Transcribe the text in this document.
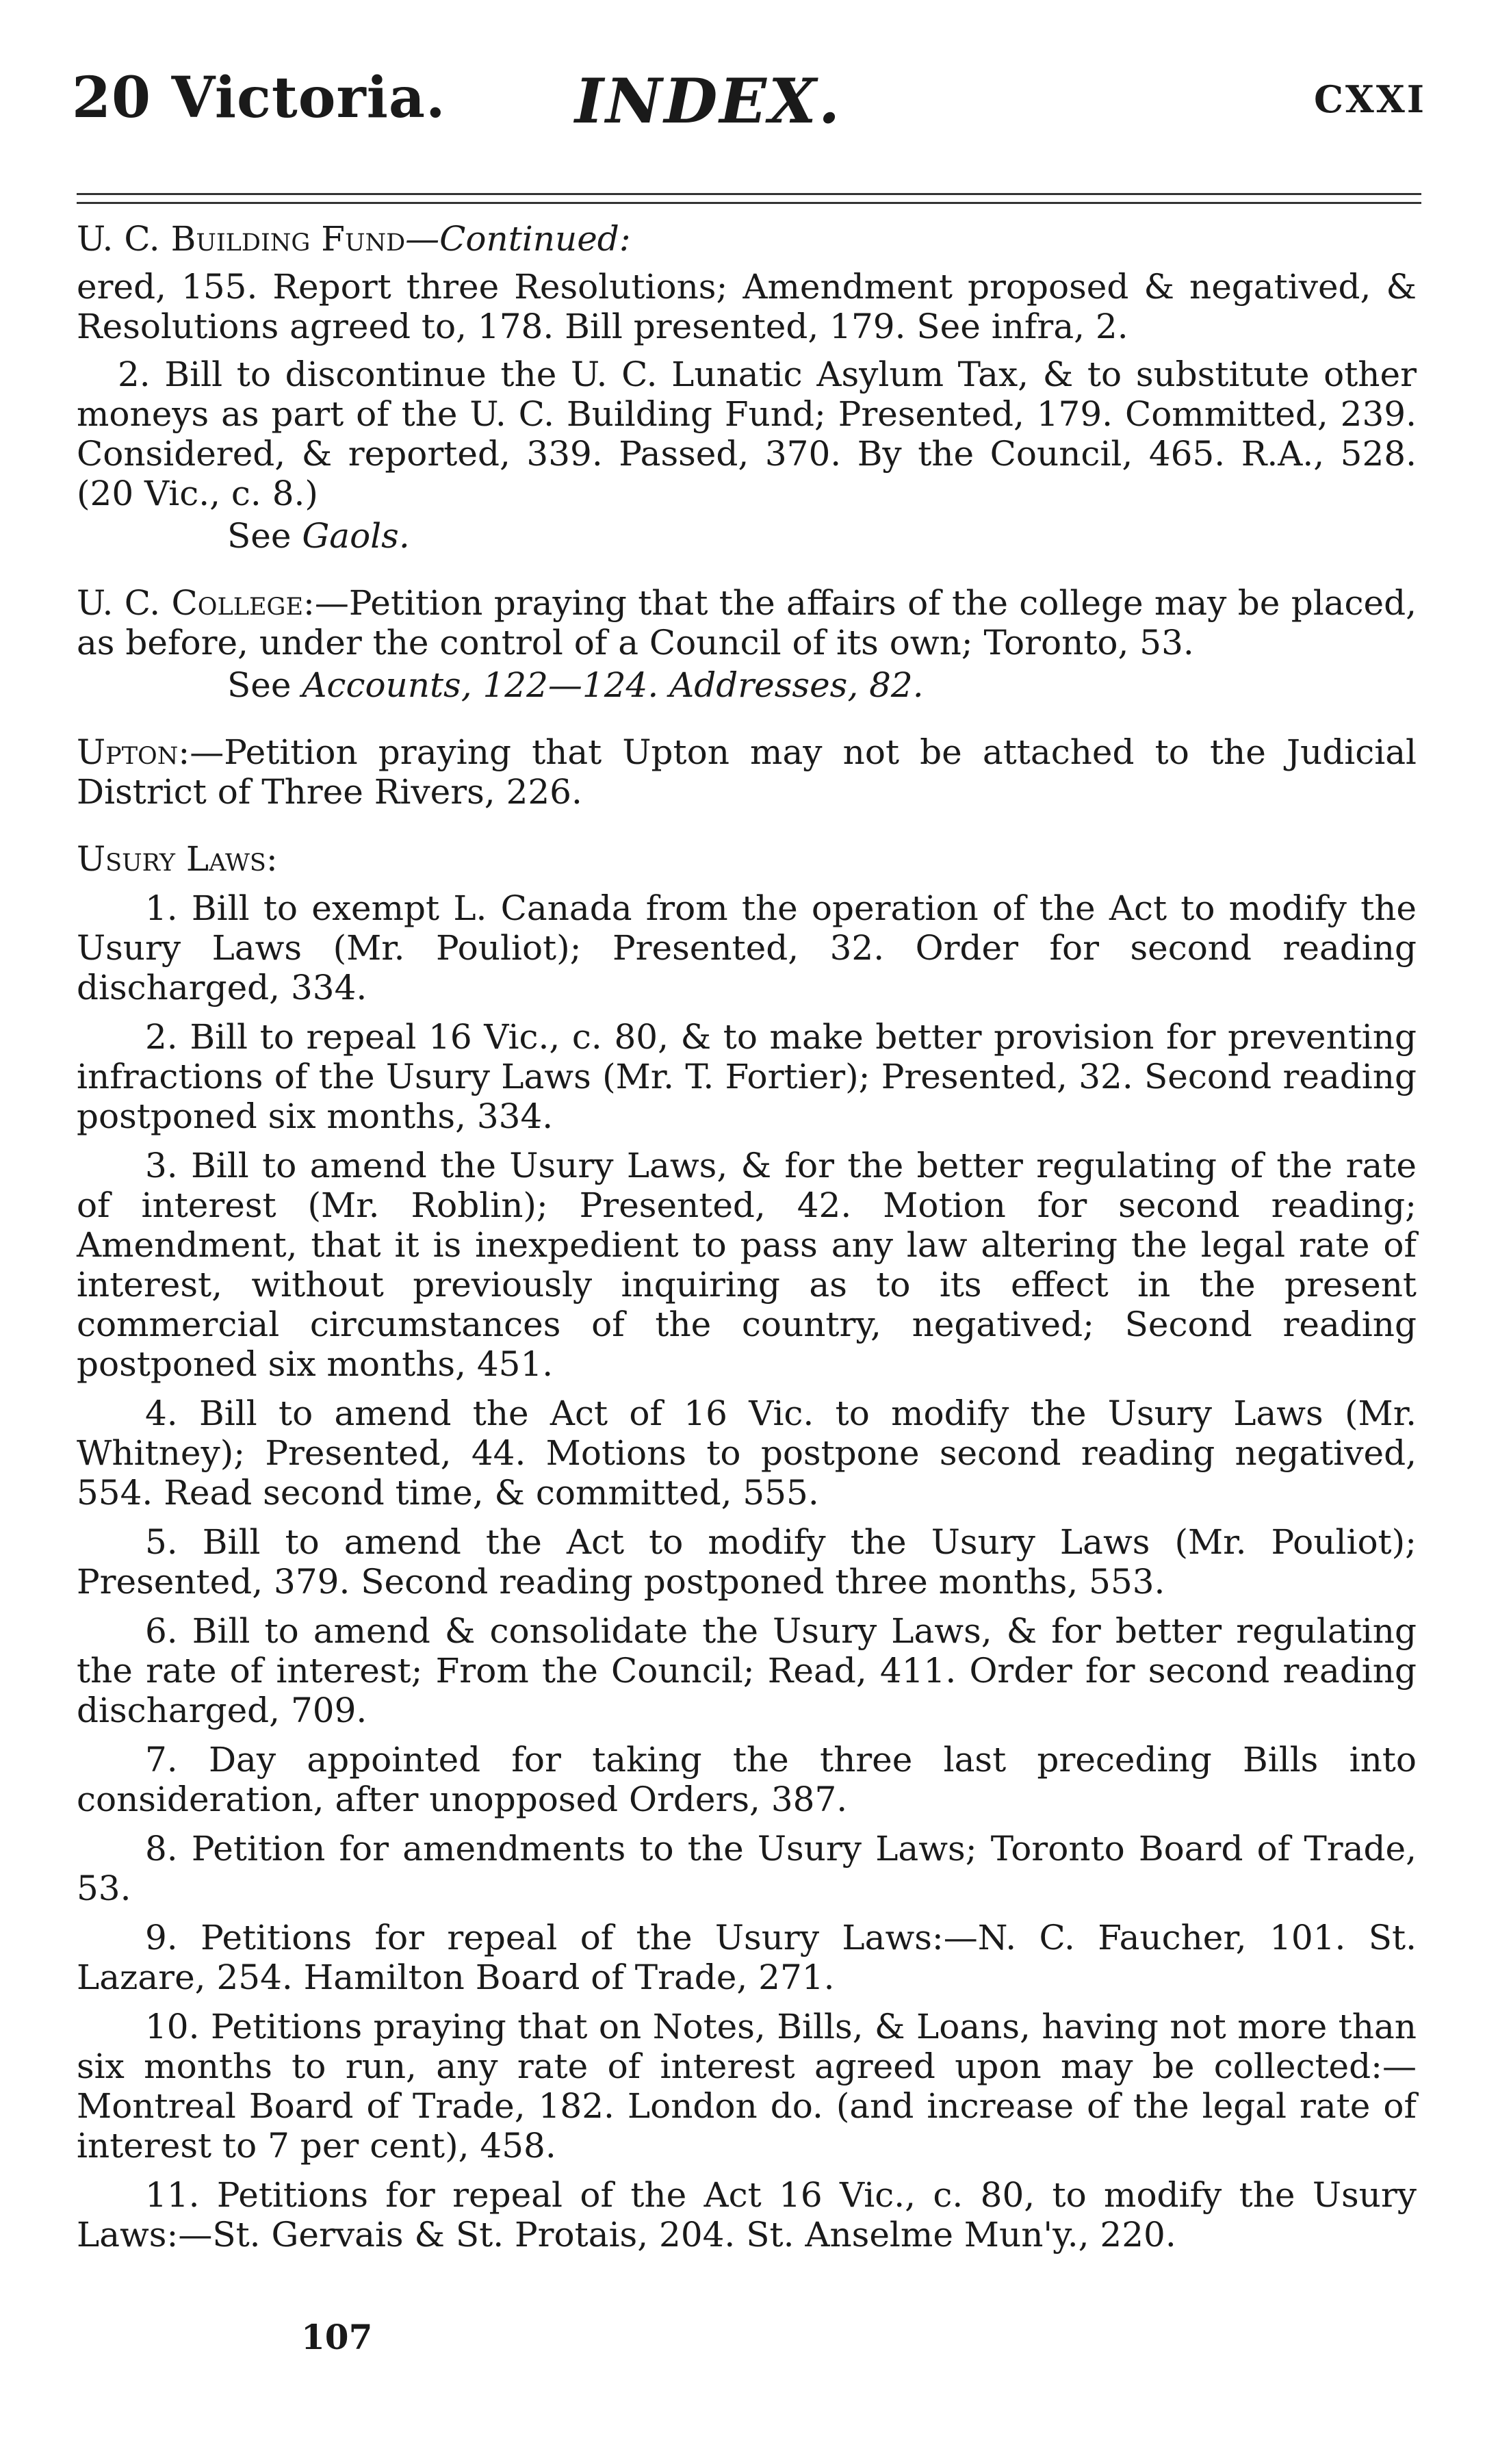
20 Victoria. INDEX.	CXXI
U. C. Building Fund—Continued:
ered, 155. Report three Resolutions; Amendment proposed & negatived, & Resolutions agreed to, 178. Bill presented, 179. See infra, 2.
2. Bill to discontinue the U. C. Lunatic Asylum Tax, & to substitute other moneys as part of the U. C. Building Fund; Presented, 179. Committed, 239. Considered, & reported, 339. Passed, 370. By the Council, 465. R.A., 528. (20 Vic., c. 8.)
See Gaols.
U. C. College:—Petition praying that the affairs of the college may be placed, as before, under the control of a Council of its own; Toronto, 53.
See Accounts, 122—124. Addresses, 82.
Upton:—Petition praying that Upton may not be attached to the Judicial District of Three Rivers, 226.
Usury Laws:
1. Bill to exempt L. Canada from the operation of the Act to modify the Usury Laws (Mr. Pouliot); Presented, 32. Order for second reading discharged, 334.
2. Bill to repeal 16 Vic., c. 80, & to make better provision for preventing infractions of the Usury Laws (Mr. T. Fortier); Presented, 32. Second reading postponed six months, 334.
3. Bill to amend the Usury Laws, & for the better regulating of the rate of interest (Mr. Roblin); Presented, 42. Motion for second reading; Amendment, that it is inexpedient to pass any law altering the legal rate of interest, without previously inquiring as to its effect in the present commercial circumstances of the country, negatived; Second reading postponed six months, 451.
4. Bill to amend the Act of 16 Vic. to modify the Usury Laws (Mr. Whitney); Presented, 44. Motions to postpone second reading negatived, 554. Read second time, & committed, 555.
5. Bill to amend the Act to modify the Usury Laws (Mr. Pouliot); Presented, 379. Second reading postponed three months, 553.
6. Bill to amend & consolidate the Usury Laws, & for better regulating the rate of interest; From the Council; Read, 411. Order for second reading discharged, 709.
7. Day appointed for taking the three last preceding Bills into consideration, after unopposed Orders, 387.
8. Petition for amendments to the Usury Laws; Toronto Board of Trade, 53.
9. Petitions for repeal of the Usury Laws:—N. C. Faucher, 101. St. Lazare, 254. Hamilton Board of Trade, 271.
10. Petitions praying that on Notes, Bills, & Loans, having not more than six months to run, any rate of interest agreed upon may be collected:—Montreal Board of Trade, 182. London do. (and increase of the legal rate of interest to 7 per cent), 458.
11. Petitions for repeal of the Act 16 Vic., c. 80, to modify the Usury Laws:—St. Gervais & St. Protais, 204. St. Anselme Mun'y., 220.
107
